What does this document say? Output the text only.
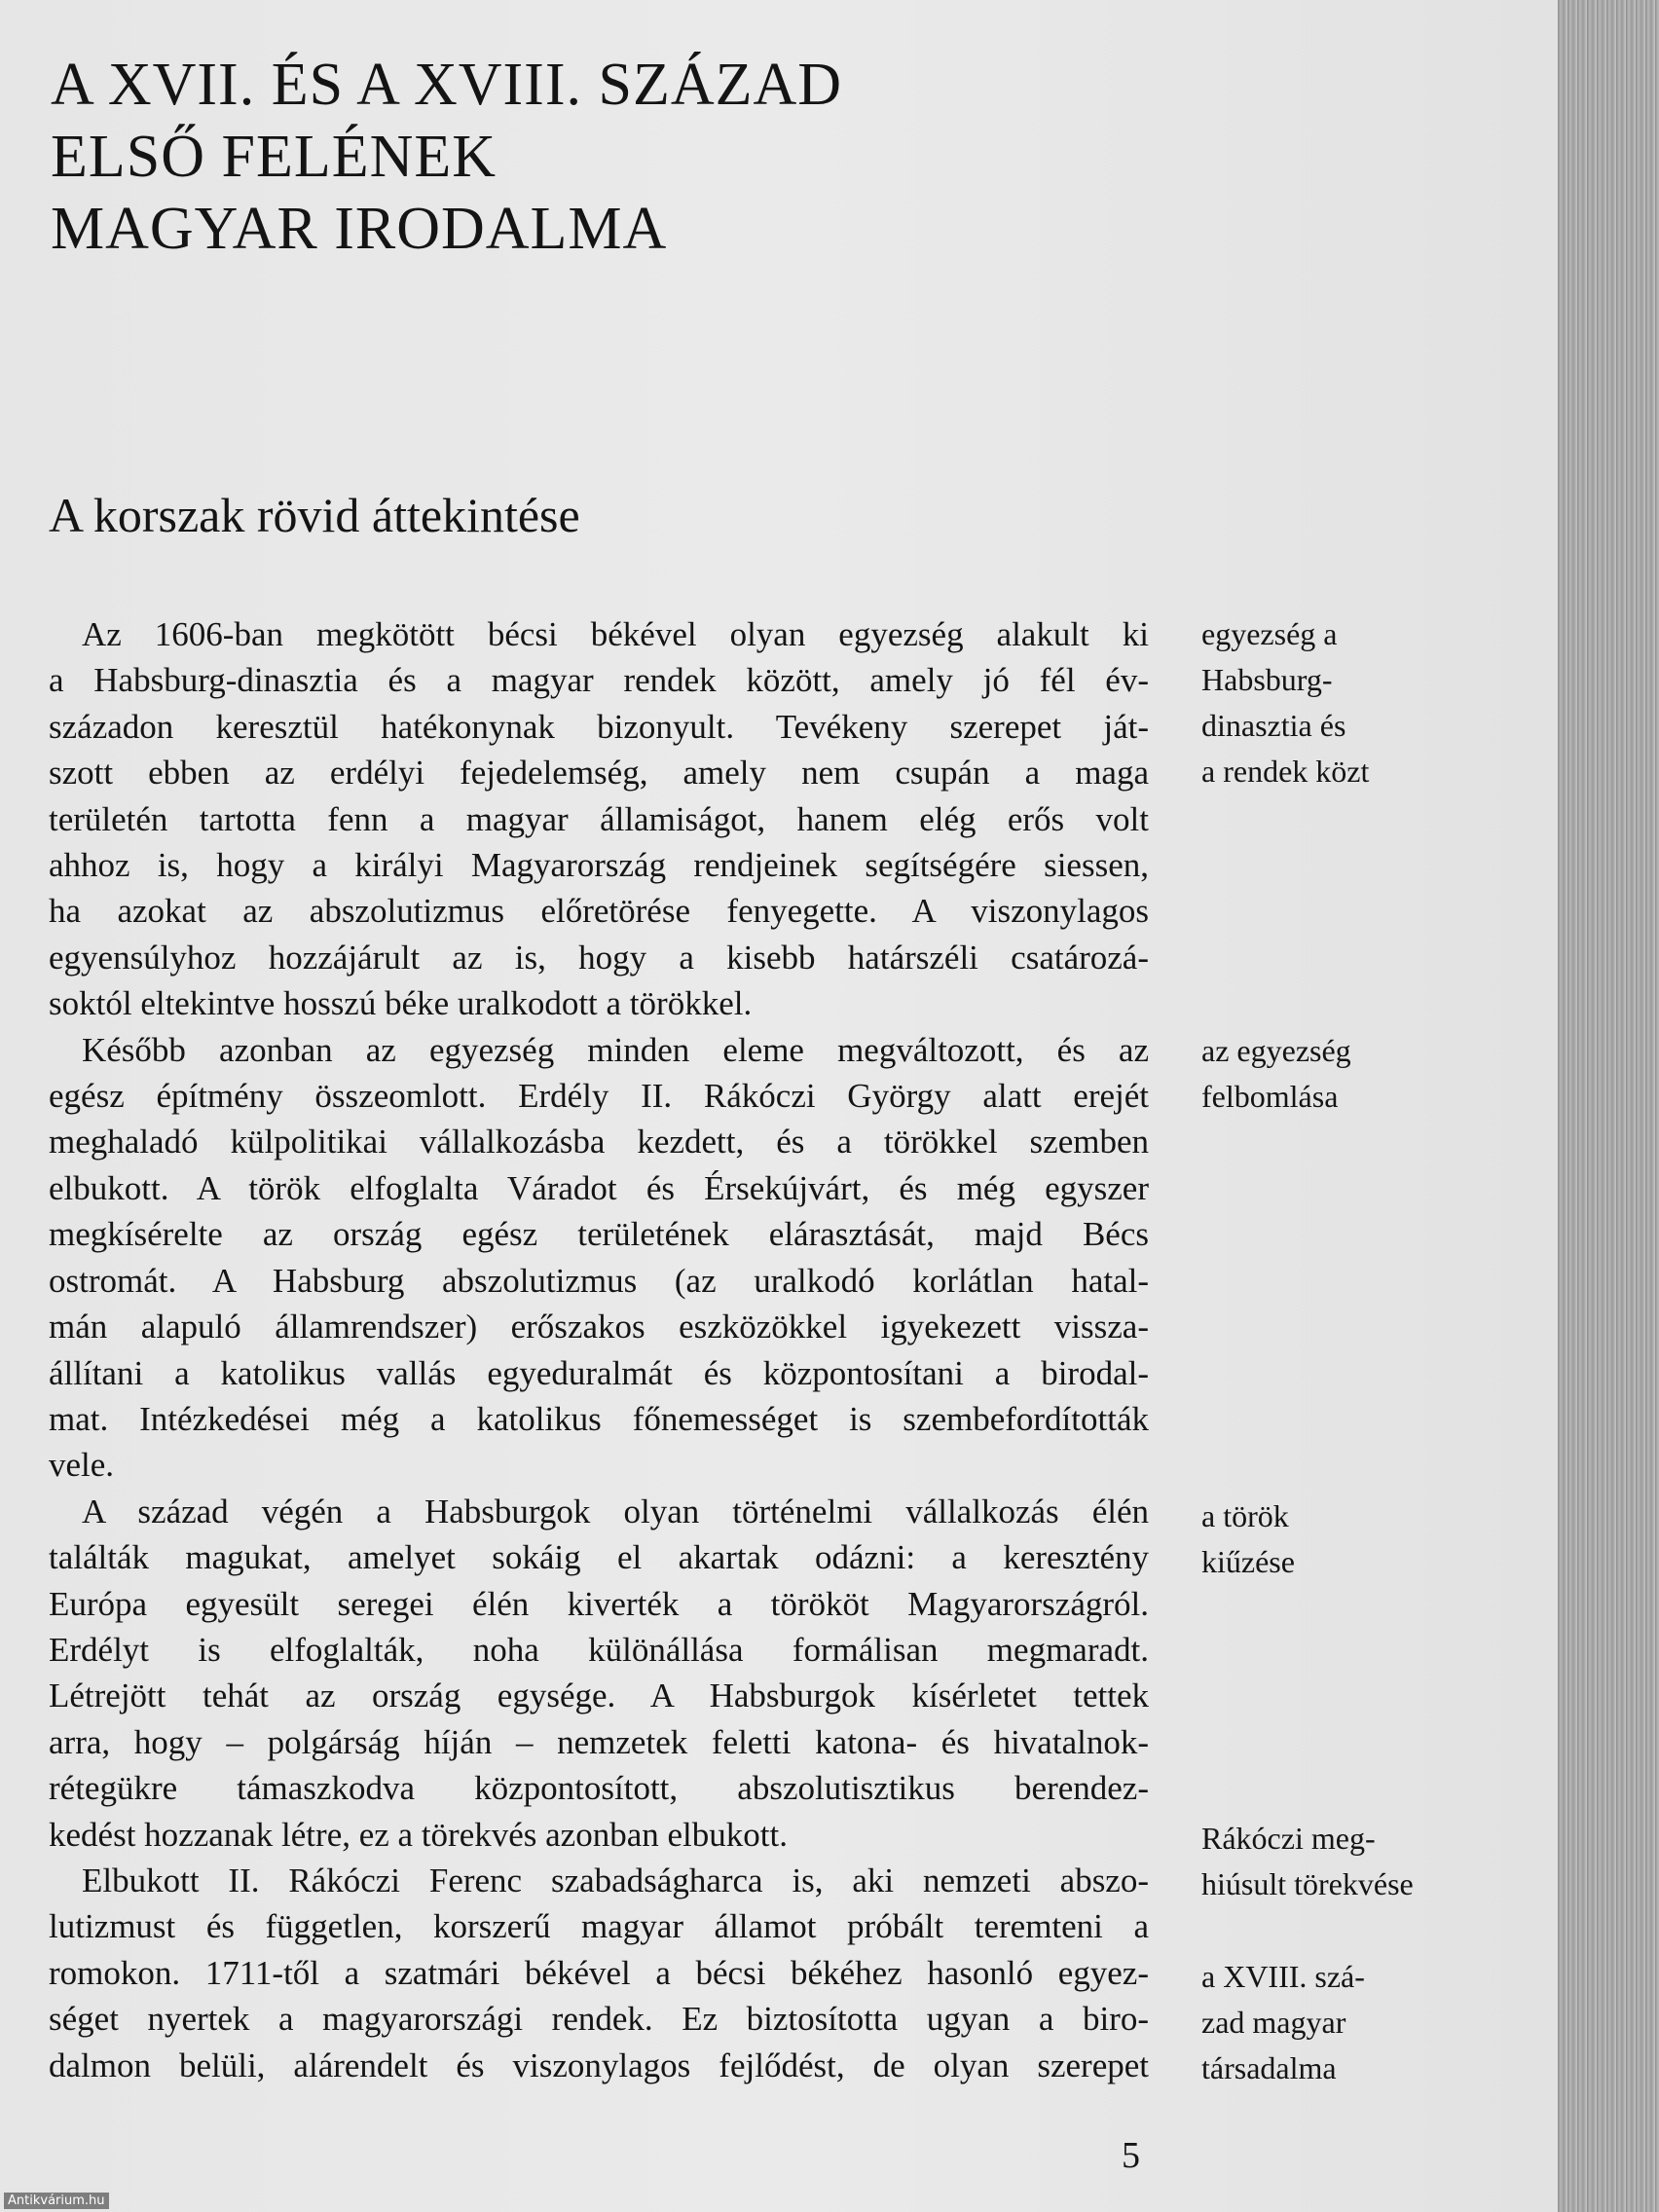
A XVII. ÉS A XVIII. SZÁZAD
ELSŐ FELÉNEK
MAGYAR IRODALMA
A korszak rövid áttekintése

Az 1606-ban megkötött bécsi békével olyan egyezség alakult ki
a Habsburg-dinasztia és a magyar rendek között, amely jó fél év-
századon keresztül hatékonynak bizonyult. Tevékeny szerepet ját-
szott ebben az erdélyi fejedelemség, amely nem csupán a maga
területén tartotta fenn a magyar államiságot, hanem elég erős volt
ahhoz is, hogy a királyi Magyarország rendjeinek segítségére siessen,
ha azokat az abszolutizmus előretörése fenyegette. A viszonylagos
egyensúlyhoz hozzájárult az is, hogy a kisebb határszéli csatározá-
soktól eltekintve hosszú béke uralkodott a törökkel.

Később azonban az egyezség minden eleme megváltozott, és az
egész építmény összeomlott. Erdély II. Rákóczi György alatt erejét
meghaladó külpolitikai vállalkozásba kezdett, és a törökkel szemben
elbukott. A török elfoglalta Váradot és Érsekújvárt, és még egyszer
megkísérelte az ország egész területének elárasztását, majd Bécs
ostromát. A Habsburg abszolutizmus (az uralkodó korlátlan hatal-
mán alapuló államrendszer) erőszakos eszközökkel igyekezett vissza-
állítani a katolikus vallás egyeduralmát és központosítani a birodal-
mat. Intézkedései még a katolikus főnemességet is szembefordították
vele.

A század végén a Habsburgok olyan történelmi vállalkozás élén
találták magukat, amelyet sokáig el akartak odázni: a keresztény
Európa egyesült seregei élén kiverték a törököt Magyarországról.
Erdélyt is elfoglalták, noha különállása formálisan megmaradt.
Létrejött tehát az ország egysége. A Habsburgok kísérletet tettek
arra, hogy – polgárság híján – nemzetek feletti katona- és hivatalnok-
rétegükre támaszkodva központosított, abszolutisztikus berendez-
kedést hozzanak létre, ez a törekvés azonban elbukott.

Elbukott II. Rákóczi Ferenc szabadságharca is, aki nemzeti abszo-
lutizmust és független, korszerű magyar államot próbált teremteni a
romokon. 1711-től a szatmári békével a bécsi békéhez hasonló egyez-
séget nyertek a magyarországi rendek. Ez biztosította ugyan a biro-
dalmon belüli, alárendelt és viszonylagos fejlődést, de olyan szerepet

egyezség a
Habsburg-
dinasztia és
a rendek közt
az egyezség
felbomlása
a török
kiűzése
Rákóczi meg-
hiúsult törekvése
a XVIII. szá-
zad magyar
társadalma
5
Antikvárium.hu
